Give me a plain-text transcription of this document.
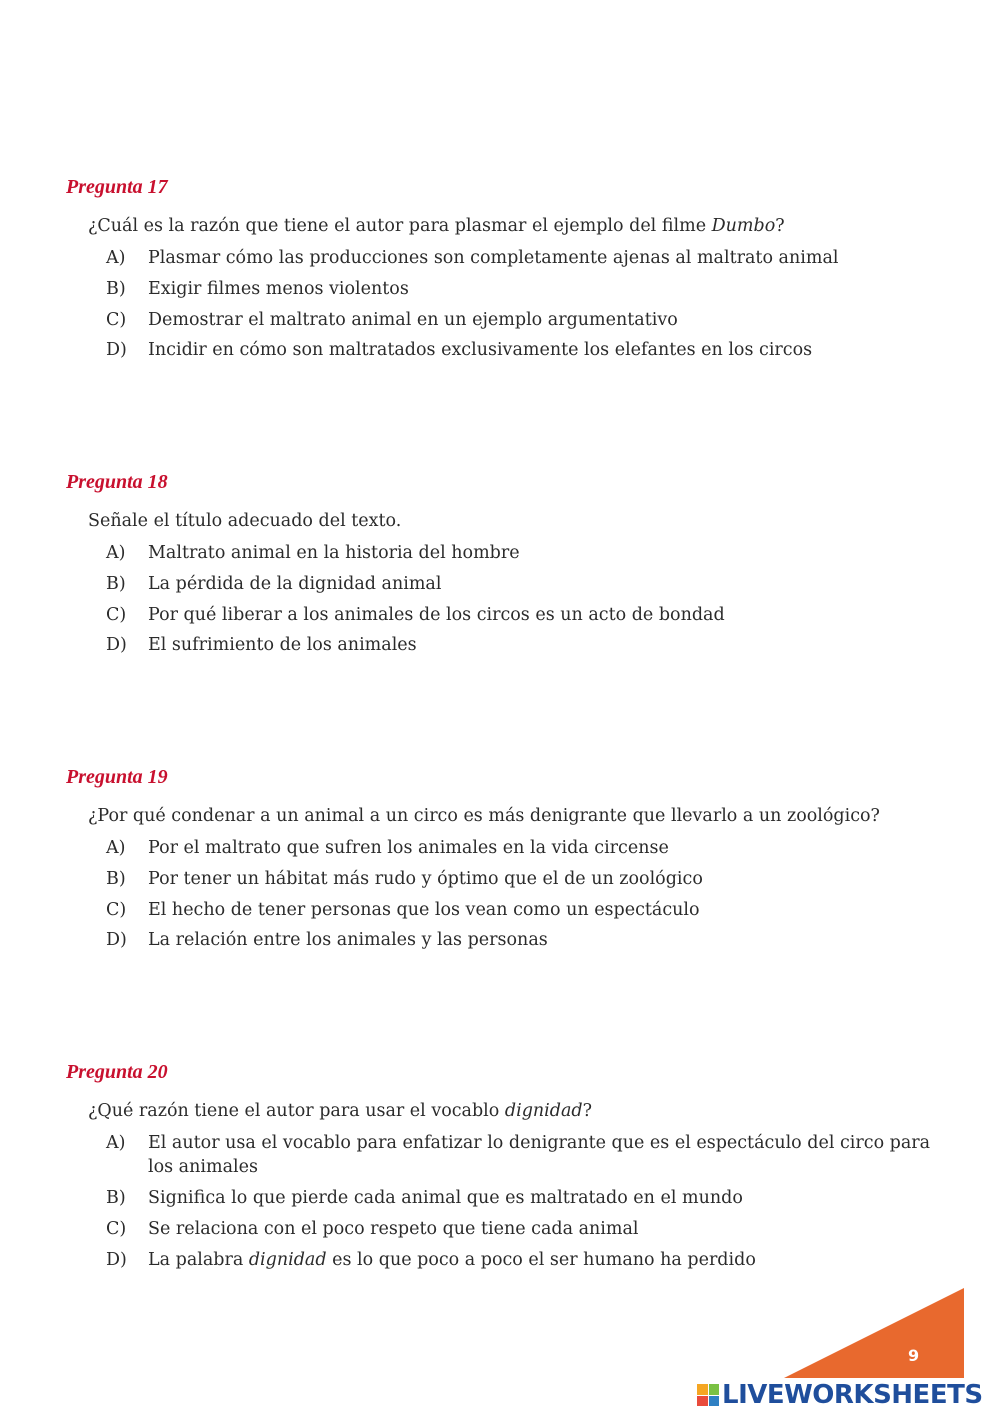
Pregunta 17
¿Cuál es la razón que tiene el autor para plasmar el ejemplo del filme Dumbo?
A)	Plasmar cómo las producciones son completamente ajenas al maltrato animal
B)	Exigir filmes menos violentos
C)	Demostrar el maltrato animal en un ejemplo argumentativo
D)	Incidir en cómo son maltratados exclusivamente los elefantes en los circos
Pregunta 18
Señale el título adecuado del texto.
A)	Maltrato animal en la historia del hombre
B)	La pérdida de la dignidad animal
C)	Por qué liberar a los animales de los circos es un acto de bondad
D)	El sufrimiento de los animales
Pregunta 19
¿Por qué condenar a un animal a un circo es más denigrante que llevarlo a un zoológico?
A)	Por el maltrato que sufren los animales en la vida circense
B)	Por tener un hábitat más rudo y óptimo que el de un zoológico
C)	El hecho de tener personas que los vean como un espectáculo
D)	La relación entre los animales y las personas
Pregunta 20
¿Qué razón tiene el autor para usar el vocablo dignidad?
A)	El autor usa el vocablo para enfatizar lo denigrante que es el espectáculo del circo para los animales
B)	Significa lo que pierde cada animal que es maltratado en el mundo
C)	Se relaciona con el poco respeto que tiene cada animal
D)	La palabra dignidad es lo que poco a poco el ser humano ha perdido
9
LIVEWORKSHEETS
